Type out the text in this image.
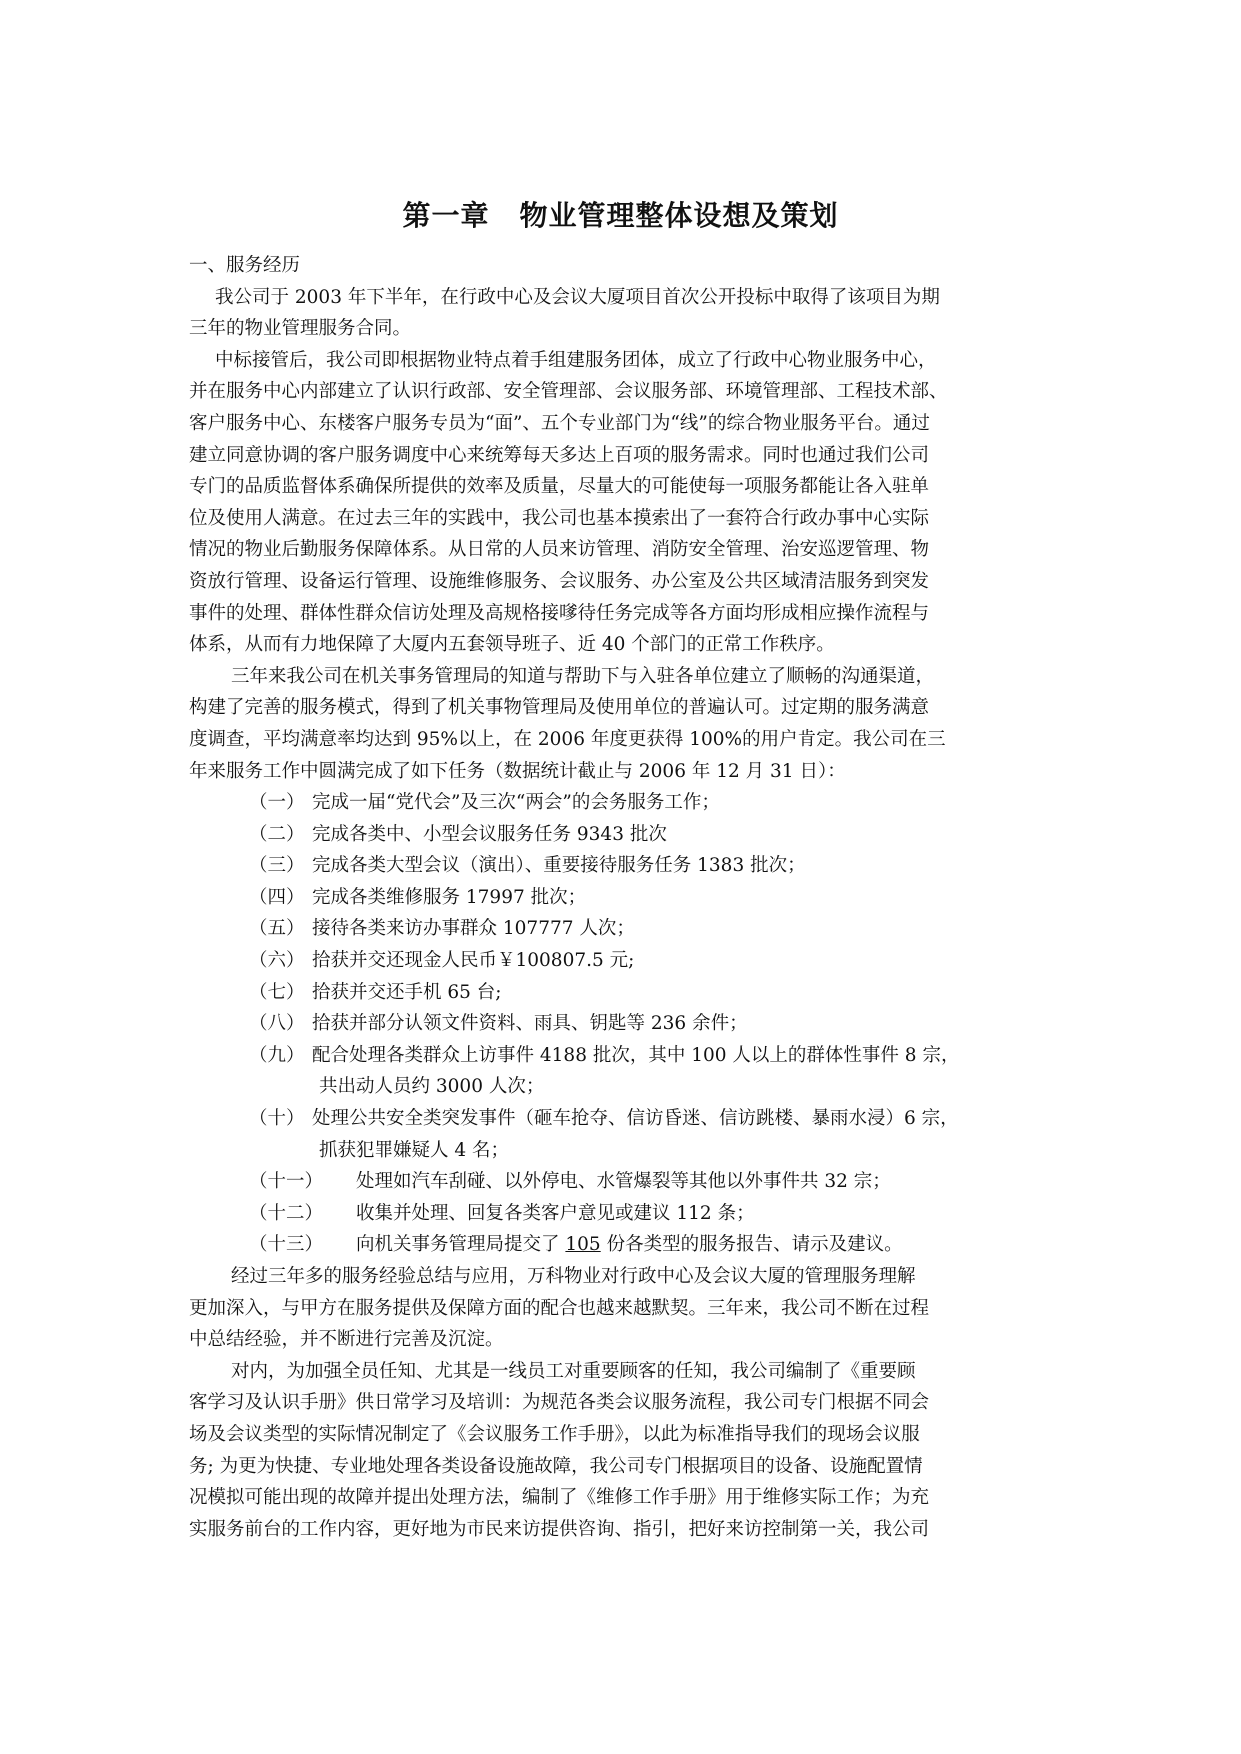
第一章 物业管理整体设想及策划
一、服务经历
我公司于 2003 年下半年，在行政中心及会议大厦项目首次公开投标中取得了该项目为期
三年的物业管理服务合同。
中标接管后，我公司即根据物业特点着手组建服务团体，成立了行政中心物业服务中心，
并在服务中心内部建立了认识行政部、安全管理部、会议服务部、环境管理部、工程技术部、
客户服务中心、东楼客户服务专员为“面”、五个专业部门为“线”的综合物业服务平台。通过
建立同意协调的客户服务调度中心来统筹每天多达上百项的服务需求。同时也通过我们公司
专门的品质监督体系确保所提供的效率及质量，尽量大的可能使每一项服务都能让各入驻单
位及使用人满意。在过去三年的实践中，我公司也基本摸索出了一套符合行政办事中心实际
情况的物业后勤服务保障体系。从日常的人员来访管理、消防安全管理、治安巡逻管理、物
资放行管理、设备运行管理、设施维修服务、会议服务、办公室及公共区域清洁服务到突发
事件的处理、群体性群众信访处理及高规格接嗲待任务完成等各方面均形成相应操作流程与
体系，从而有力地保障了大厦内五套领导班子、近 40 个部门的正常工作秩序。
三年来我公司在机关事务管理局的知道与帮助下与入驻各单位建立了顺畅的沟通渠道，
构建了完善的服务模式，得到了机关事物管理局及使用单位的普遍认可。过定期的服务满意
度调查，平均满意率均达到 95%以上，在 2006 年度更获得 100%的用户肯定。我公司在三
年来服务工作中圆满完成了如下任务（数据统计截止与 2006 年 12 月 31 日）：
（一） 完成一届“党代会”及三次“两会”的会务服务工作；
（二） 完成各类中、小型会议服务任务 9343 批次
（三） 完成各类大型会议（演出）、重要接待服务任务 1383 批次；
（四） 完成各类维修服务 17997 批次；
（五） 接待各类来访办事群众 107777 人次；
（六） 拾获并交还现金人民币￥100807.5 元;
（七） 拾获并交还手机 65 台;
（八） 拾获并部分认领文件资料、雨具、钥匙等 236 余件；
（九） 配合处理各类群众上访事件 4188 批次，其中 100 人以上的群体性事件 8 宗，
共出动人员约 3000 人次；
（十） 处理公共安全类突发事件（砸车抢夺、信访昏迷、信访跳楼、暴雨水浸）6 宗，
抓获犯罪嫌疑人 4 名；
（十一）	处理如汽车刮碰、以外停电、水管爆裂等其他以外事件共 32 宗；
（十二）	收集并处理、回复各类客户意见或建议 112 条；
（十三）	向机关事务管理局提交了 105 份各类型的服务报告、请示及建议。
经过三年多的服务经验总结与应用，万科物业对行政中心及会议大厦的管理服务理解
更加深入，与甲方在服务提供及保障方面的配合也越来越默契。三年来，我公司不断在过程
中总结经验，并不断进行完善及沉淀。
对内，为加强全员任知、尤其是一线员工对重要顾客的任知，我公司编制了《重要顾
客学习及认识手册》供日常学习及培训：为规范各类会议服务流程，我公司专门根据不同会
场及会议类型的实际情况制定了《会议服务工作手册》，以此为标准指导我们的现场会议服
务; 为更为快捷、专业地处理各类设备设施故障，我公司专门根据项目的设备、设施配置情
况模拟可能出现的故障并提出处理方法，编制了《维修工作手册》用于维修实际工作；为充
实服务前台的工作内容，更好地为市民来访提供咨询、指引，把好来访控制第一关，我公司
